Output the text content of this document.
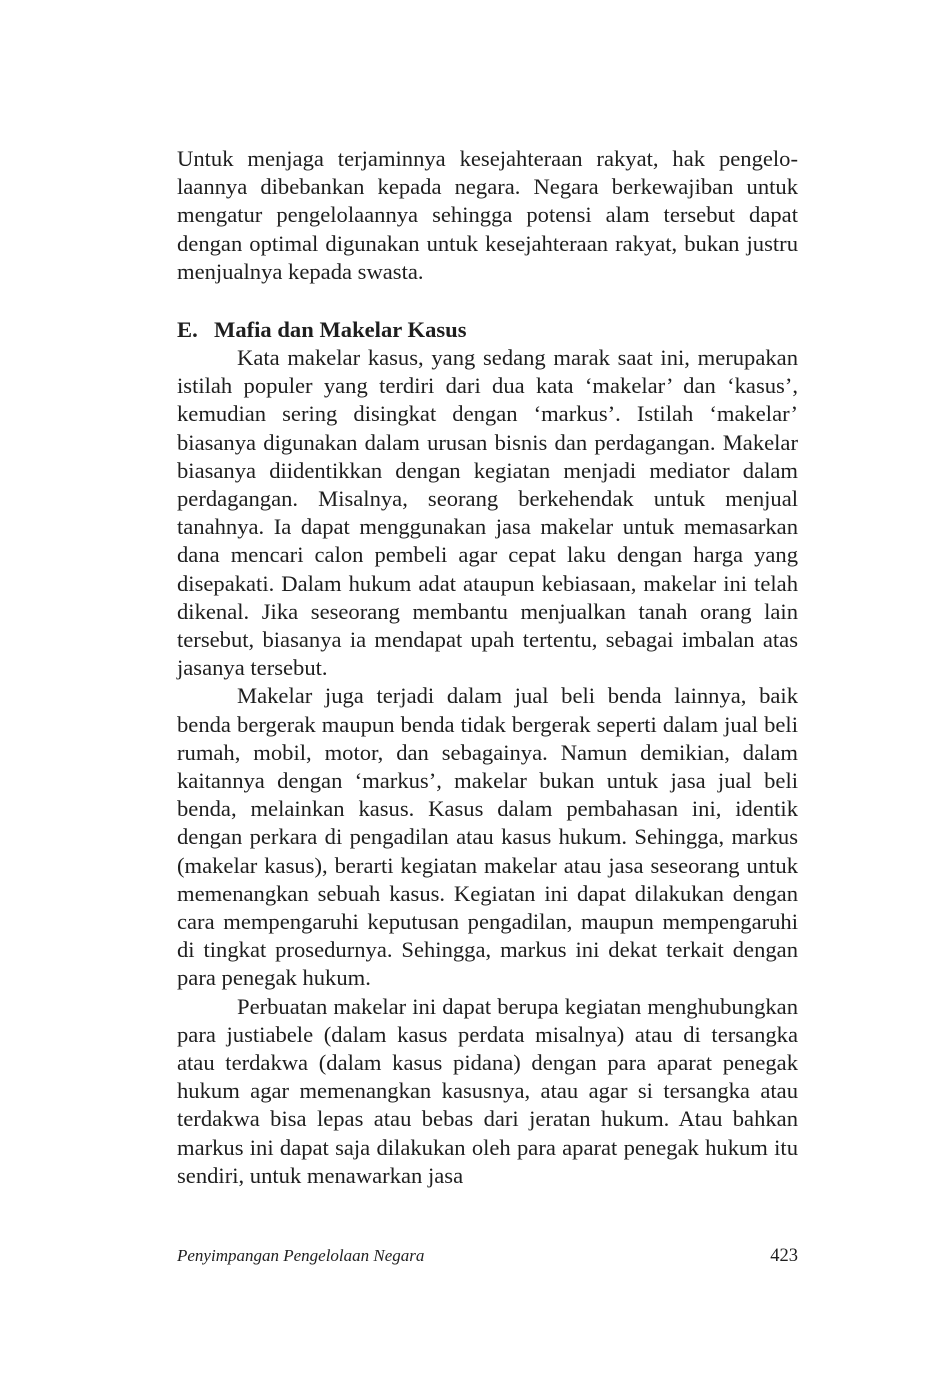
Untuk menjaga terjaminnya kesejahteraan rakyat, hak pengelolaannya dibebankan kepada negara. Negara berkewajiban untuk mengatur pengelolaannya sehingga potensi alam tersebut dapat dengan optimal digunakan untuk kesejahteraan rakyat, bukan justru menjualnya kepada swasta.

E. Mafia dan Makelar Kasus

Kata makelar kasus, yang sedang marak saat ini, merupakan istilah populer yang terdiri dari dua kata ‘makelar’ dan ‘kasus’, kemudian sering disingkat dengan ‘markus’. Istilah ‘makelar’ biasanya digunakan dalam urusan bisnis dan perdagangan. Makelar biasanya diidentikkan dengan kegiatan menjadi mediator dalam perdagangan. Misalnya, seorang berkehendak untuk menjual tanahnya. Ia dapat menggunakan jasa makelar untuk memasarkan dana mencari calon pembeli agar cepat laku dengan harga yang disepakati. Dalam hukum adat ataupun kebiasaan, makelar ini telah dikenal. Jika seseorang membantu menjualkan tanah orang lain tersebut, biasanya ia mendapat upah tertentu, sebagai imbalan atas jasanya tersebut.

Makelar juga terjadi dalam jual beli benda lainnya, baik benda bergerak maupun benda tidak bergerak seperti dalam jual beli rumah, mobil, motor, dan sebagainya. Namun demikian, dalam kaitannya dengan ‘markus’, makelar bukan untuk jasa jual beli benda, melainkan kasus. Kasus dalam pembahasan ini, identik dengan perkara di pengadilan atau kasus hukum. Sehingga, markus (makelar kasus), berarti kegiatan makelar atau jasa seseorang untuk memenangkan sebuah kasus. Kegiatan ini dapat dilakukan dengan cara mempengaruhi keputusan pengadilan, maupun mempengaruhi di tingkat prosedurnya. Sehingga, markus ini dekat terkait dengan para penegak hukum.

Perbuatan makelar ini dapat berupa kegiatan menghubungkan para justiabele (dalam kasus perdata misalnya) atau di tersangka atau terdakwa (dalam kasus pidana) dengan para aparat penegak hukum agar memenangkan kasusnya, atau agar si tersangka atau terdakwa bisa lepas atau bebas dari jeratan hukum. Atau bahkan markus ini dapat saja dilakukan oleh para aparat penegak hukum itu sendiri, untuk menawarkan jasa

Penyimpangan Pengelolaan Negara	423
